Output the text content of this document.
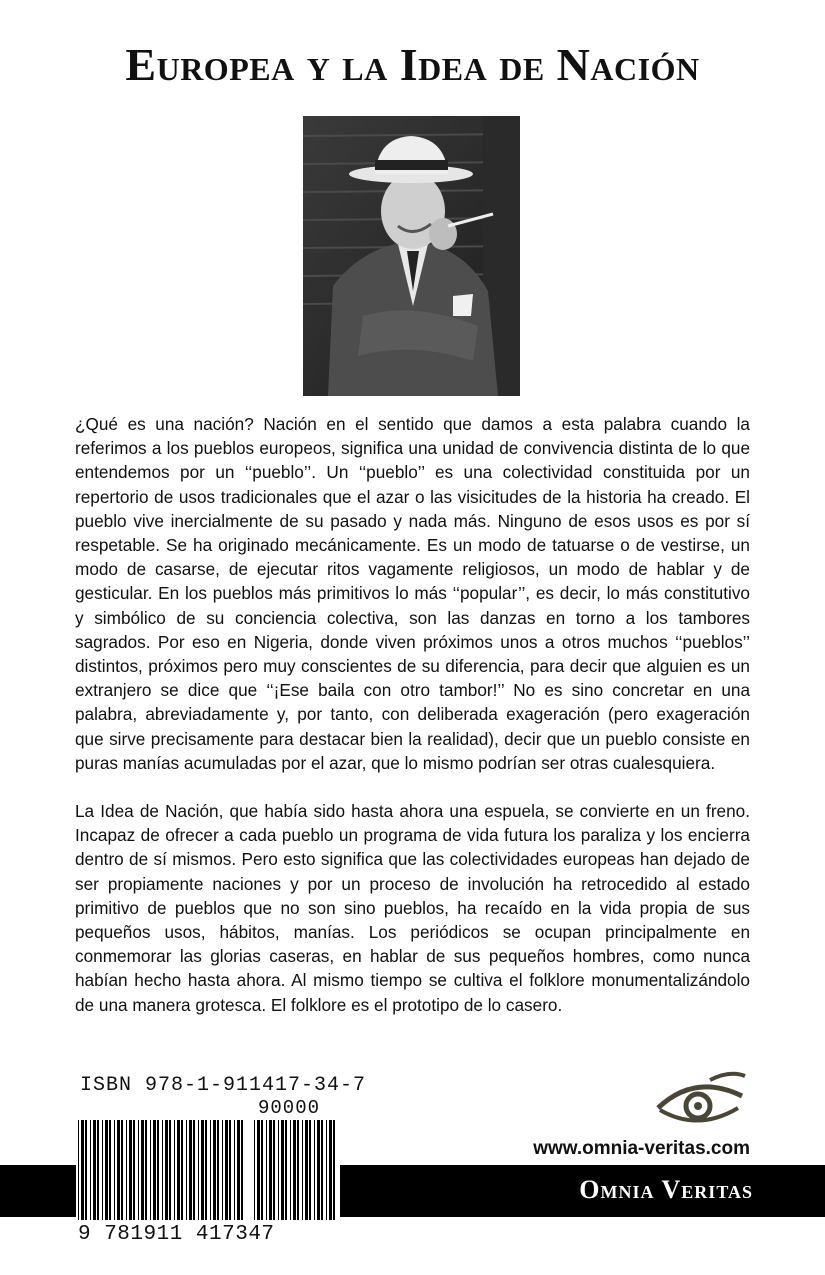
Europea y la Idea de Nación

¿Qué es una nación? Nación en el sentido que damos a esta palabra cuando la referimos a los pueblos europeos, significa una unidad de convivencia distinta de lo que entendemos por un ‘‘pueblo’’. Un ‘‘pueblo’’ es una colectividad constituida por un repertorio de usos tradicionales que el azar o las visicitudes de la historia ha creado. El pueblo vive inercialmente de su pasado y nada más. Ninguno de esos usos es por sí respetable. Se ha originado mecánicamente. Es un modo de tatuarse o de vestirse, un modo de casarse, de ejecutar ritos vagamente religiosos, un modo de hablar y de gesticular. En los pueblos más primitivos lo más ‘‘popular’’, es decir, lo más constitutivo y simbólico de su conciencia colectiva, son las danzas en torno a los tambores sagrados. Por eso en Nigeria, donde viven próximos unos a otros muchos ‘‘pueblos’’ distintos, próximos pero muy conscientes de su diferencia, para decir que alguien es un extranjero se dice que ‘‘¡Ese baila con otro tambor!’’ No es sino concretar en una palabra, abreviadamente y, por tanto, con deliberada exageración (pero exageración que sirve precisamente para destacar bien la realidad), decir que un pueblo consiste en puras manías acumuladas por el azar, que lo mismo podrían ser otras cualesquiera.

La Idea de Nación, que había sido hasta ahora una espuela, se convierte en un freno. Incapaz de ofrecer a cada pueblo un programa de vida futura los paraliza y los encierra dentro de sí mismos. Pero esto significa que las colectividades europeas han dejado de ser propiamente naciones y por un proceso de involución ha retrocedido al estado primitivo de pueblos que no son sino pueblos, ha recaído en la vida propia de sus pequeños usos, hábitos, manías. Los periódicos se ocupan principalmente en conmemorar las glorias caseras, en hablar de sus pequeños hombres, como nunca habían hecho hasta ahora. Al mismo tiempo se cultiva el folklore monumentalizándolo de una manera grotesca. El folklore es el prototipo de lo casero.

ISBN 978-1-911417-34-7
90000
9 781911 417347
www.omnia-veritas.com
Omnia Veritas
